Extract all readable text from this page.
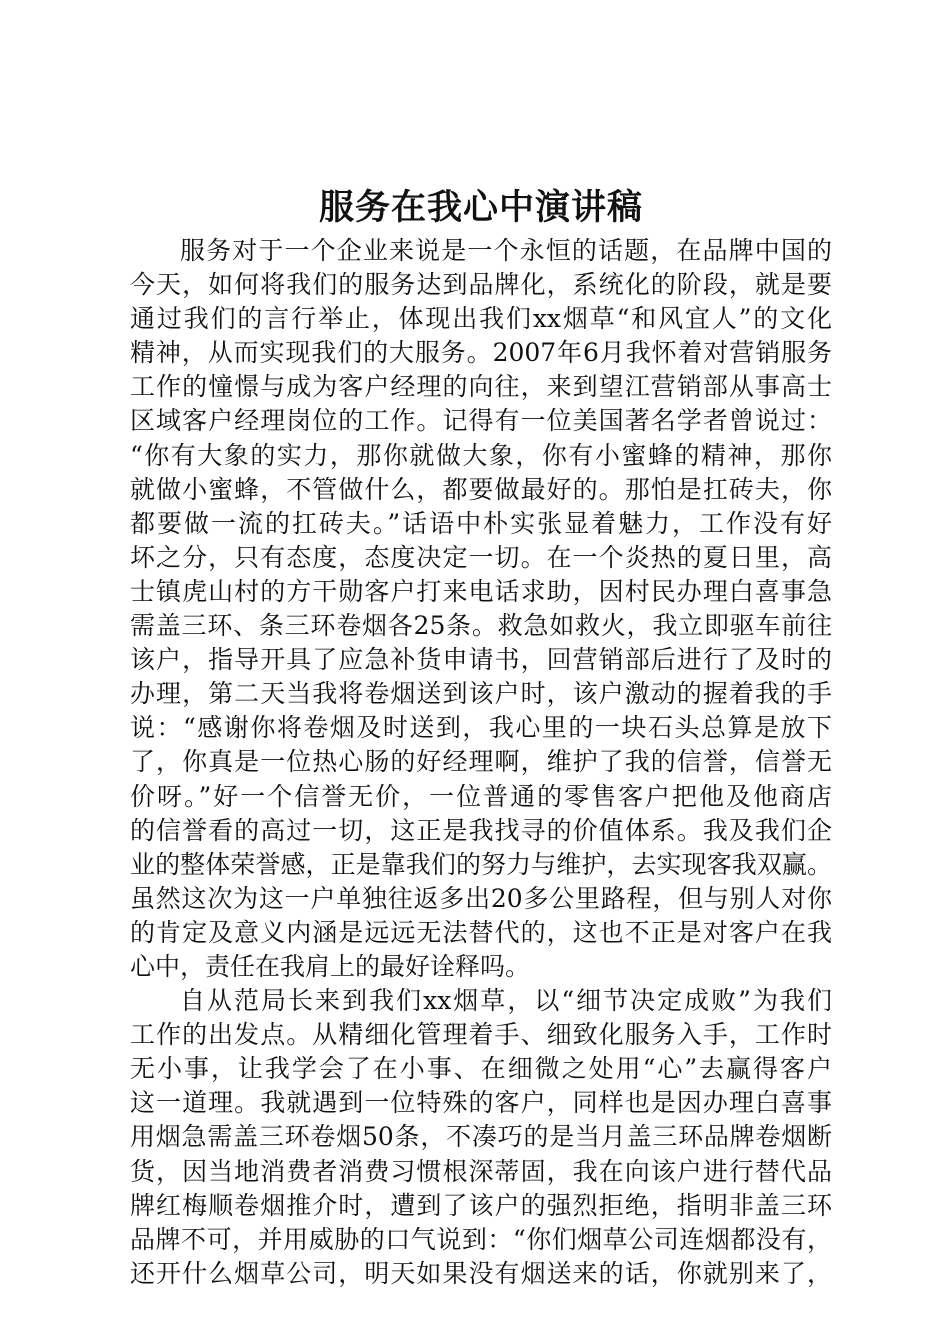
服务在我心中演讲稿
服务对于一个企业来说是一个永恒的话题，在品牌中国的
今天，如何将我们的服务达到品牌化，系统化的阶段，就是要
通过我们的言行举止，体现出我们xx烟草“和风宜人”的文化
精神，从而实现我们的大服务。2007年6月我怀着对营销服务
工作的憧憬与成为客户经理的向往，来到望江营销部从事高士
区域客户经理岗位的工作。记得有一位美国著名学者曾说过：
“你有大象的实力，那你就做大象，你有小蜜蜂的精神，那你
就做小蜜蜂，不管做什么，都要做最好的。那怕是扛砖夫，你
都要做一流的扛砖夫。”话语中朴实张显着魅力，工作没有好
坏之分，只有态度，态度决定一切。在一个炎热的夏日里，高
士镇虎山村的方干勋客户打来电话求助，因村民办理白喜事急
需盖三环、条三环卷烟各25条。救急如救火，我立即驱车前往
该户，指导开具了应急补货申请书，回营销部后进行了及时的
办理，第二天当我将卷烟送到该户时，该户激动的握着我的手
说：“感谢你将卷烟及时送到，我心里的一块石头总算是放下
了，你真是一位热心肠的好经理啊，维护了我的信誉，信誉无
价呀。”好一个信誉无价，一位普通的零售客户把他及他商店
的信誉看的高过一切，这正是我找寻的价值体系。我及我们企
业的整体荣誉感，正是靠我们的努力与维护，去实现客我双赢。
虽然这次为这一户单独往返多出20多公里路程，但与别人对你
的肯定及意义内涵是远远无法替代的，这也不正是对客户在我
心中，责任在我肩上的最好诠释吗。
自从范局长来到我们xx烟草，以“细节决定成败”为我们
工作的出发点。从精细化管理着手、细致化服务入手，工作时
无小事，让我学会了在小事、在细微之处用“心”去赢得客户
这一道理。我就遇到一位特殊的客户，同样也是因办理白喜事
用烟急需盖三环卷烟50条，不凑巧的是当月盖三环品牌卷烟断
货，因当地消费者消费习惯根深蒂固，我在向该户进行替代品
牌红梅顺卷烟推介时，遭到了该户的强烈拒绝，指明非盖三环
品牌不可，并用威胁的口气说到：“你们烟草公司连烟都没有，
还开什么烟草公司，明天如果没有烟送来的话，你就别来了，
